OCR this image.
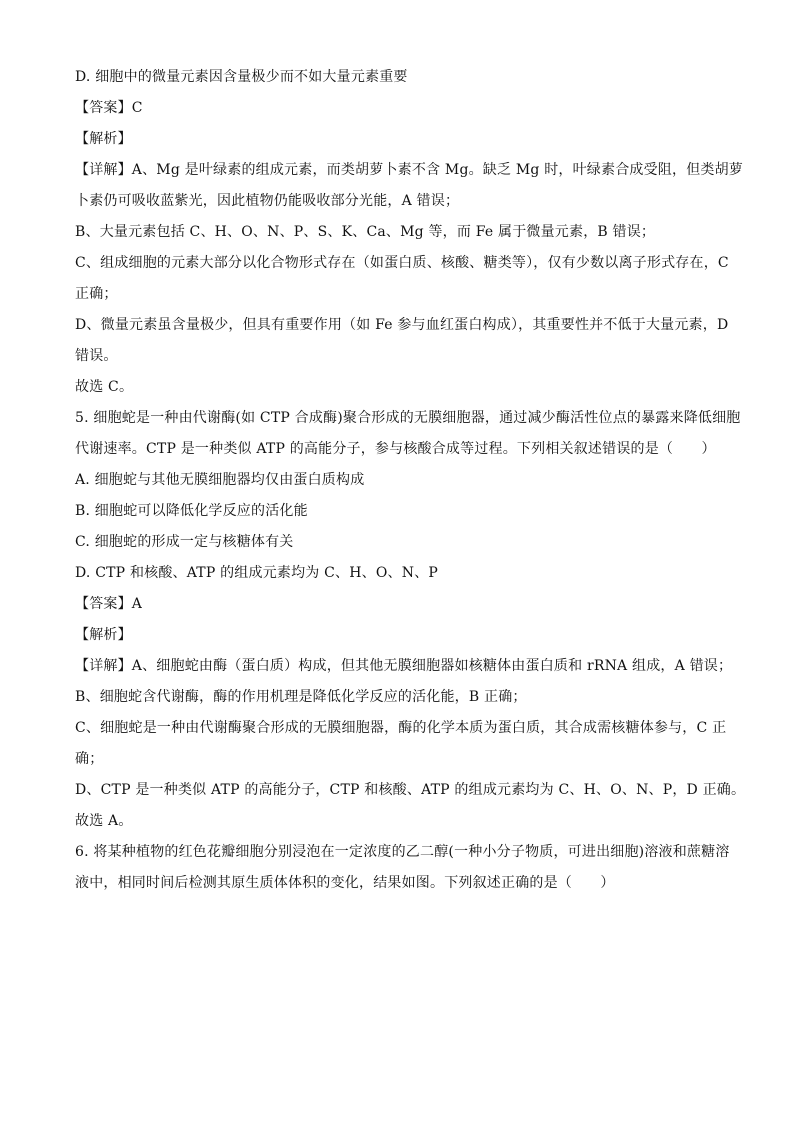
D. 细胞中的微量元素因含量极少而不如大量元素重要
【答案】C
【解析】
【详解】A、Mg 是叶绿素的组成元素，而类胡萝卜素不含 Mg。缺乏 Mg 时，叶绿素合成受阻，但类胡萝
卜素仍可吸收蓝紫光，因此植物仍能吸收部分光能，A 错误；
B、大量元素包括 C、H、O、N、P、S、K、Ca、Mg 等，而 Fe 属于微量元素，B 错误；
C、组成细胞的元素大部分以化合物形式存在（如蛋白质、核酸、糖类等），仅有少数以离子形式存在，C
正确；
D、微量元素虽含量极少，但具有重要作用（如 Fe 参与血红蛋白构成），其重要性并不低于大量元素，D
错误。
故选 C。
5. 细胞蛇是一种由代谢酶(如 CTP 合成酶)聚合形成的无膜细胞器，通过减少酶活性位点的暴露来降低细胞
代谢速率。CTP 是一种类似 ATP 的高能分子，参与核酸合成等过程。下列相关叙述错误的是（　　）
A. 细胞蛇与其他无膜细胞器均仅由蛋白质构成
B. 细胞蛇可以降低化学反应的活化能
C. 细胞蛇的形成一定与核糖体有关
D. CTP 和核酸、ATP 的组成元素均为 C、H、O、N、P
【答案】A
【解析】
【详解】A、细胞蛇由酶（蛋白质）构成，但其他无膜细胞器如核糖体由蛋白质和 rRNA 组成，A 错误；
B、细胞蛇含代谢酶，酶的作用机理是降低化学反应的活化能，B 正确；
C、细胞蛇是一种由代谢酶聚合形成的无膜细胞器，酶的化学本质为蛋白质，其合成需核糖体参与，C 正
确；
D、CTP 是一种类似 ATP 的高能分子，CTP 和核酸、ATP 的组成元素均为 C、H、O、N、P，D 正确。
故选 A。
6. 将某种植物的红色花瓣细胞分别浸泡在一定浓度的乙二醇(一种小分子物质，可进出细胞)溶液和蔗糖溶
液中，相同时间后检测其原生质体体积的变化，结果如图。下列叙述正确的是（　　）
